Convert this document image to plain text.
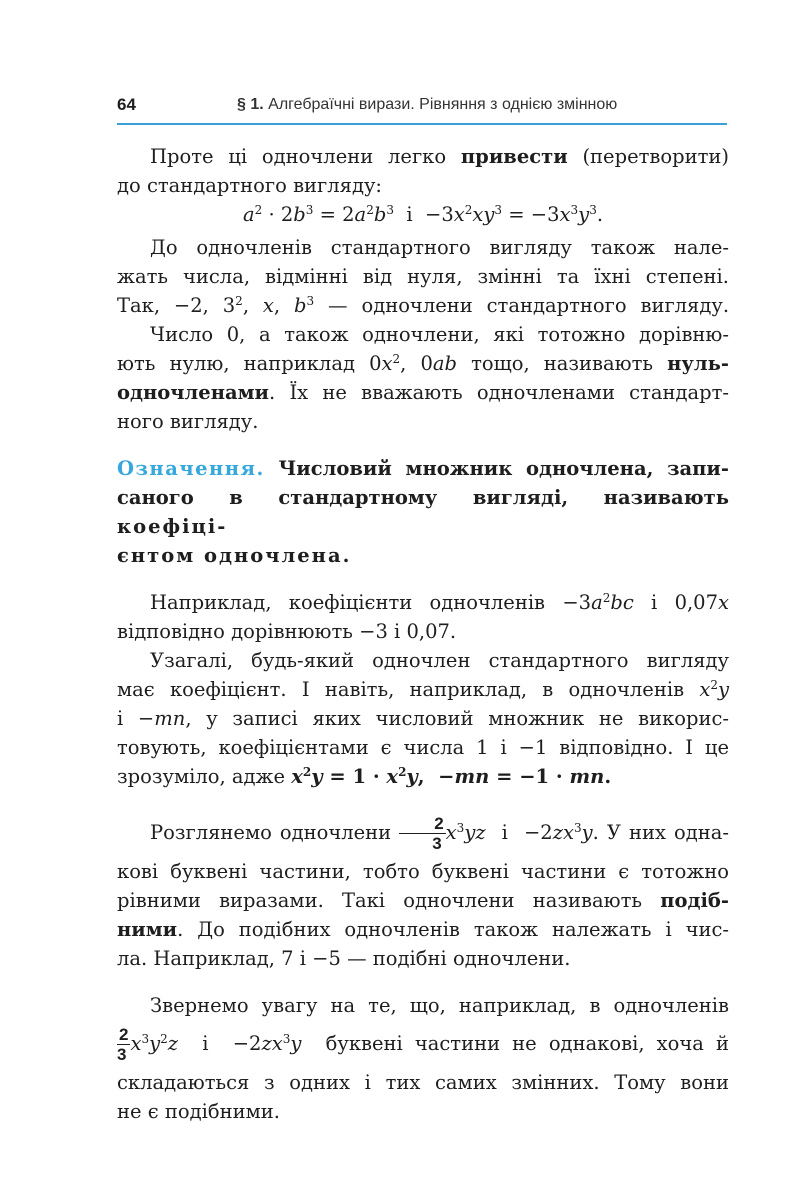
64	§ 1. Алгебраїчні вирази. Рівняння з однією змінною
Проте ці одночлени легко привести (перетворити)
до стандартного вигляду:
$a^2 \cdot 2b^3 = 2a^2b^3$  $і -3x^2xy^3 = -3x^3y^3$.
До одночленів стандартного вигляду також нале-
жать числа, відмінні від нуля, змінні та їхні степені.
Так, −2, $3^2$, x, $b^3$ — одночлени стандартного вигляду.
Число 0, а також одночлени, які тотожно дорівню-
ють нулю, наприклад $0x^2$, 0ab тощо, називають нуль-
одночленами. Їх не вважають одночленами стандарт-
ного вигляду.
Означення. Числовий множник одночлена, запи-
саного в стандартному вигляді, називають коефіці-
єнтом одночлена.
Наприклад, коефіцієнти одночленів $-3a^2bc$ і 0,07x
відповідно дорівнюють −3 і 0,07.
Узагалі, будь-який одночлен стандартного вигляду
має коефіцієнт. І навіть, наприклад, в одночленів $x^2y$
і −mn, у записі яких числовий множник не викорис-
товують, коефіцієнтами є числа 1 і −1 відповідно. І це
зрозуміло, адже $x^2y = 1 \cdot x^2y$,  −mn = −1 · mn.
Розглянемо одночлени $\frac{2}{3} x^3yz$  $і -2zx^3y$. У них одна-
кові буквені частини, тобто буквені частини є тотожно
рівними виразами. Такі одночлени називають подіб-
ними. До подібних одночленів також належать і чис-
ла. Наприклад, 7 і −5 — подібні одночлени.
Звернемо увагу на те, що, наприклад, в одночленів
$\frac{2}{3} x^3y^2z$  $і -2zx^3y$  буквені частини не однакові, хоча й
складаються з одних і тих самих змінних. Тому вони
не є подібними.
